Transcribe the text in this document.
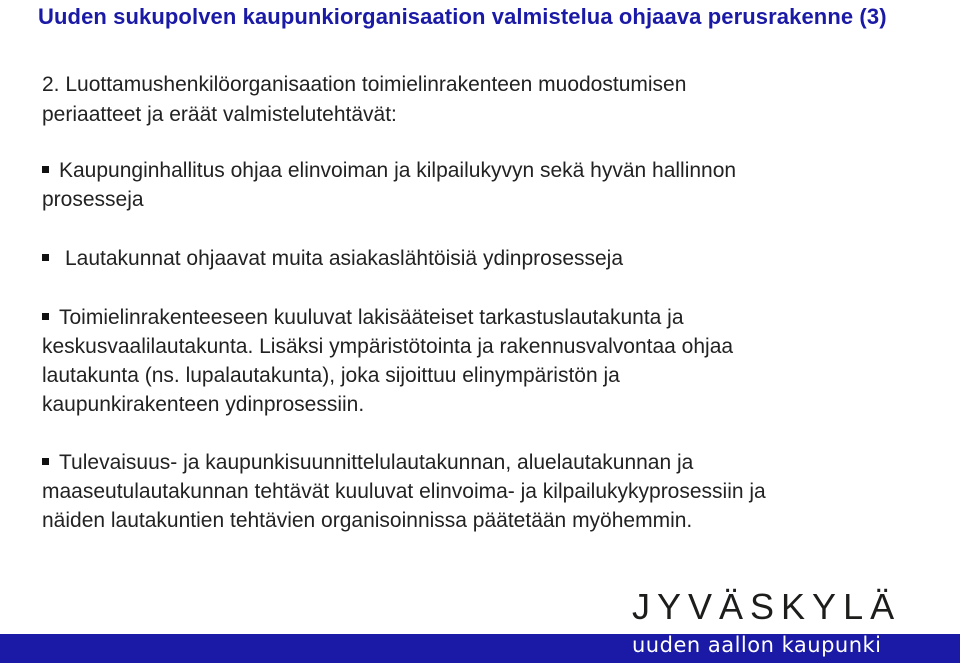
Uuden sukupolven kaupunkiorganisaation valmistelua ohjaava perusrakenne (3)
2. Luottamushenkilöorganisaation toimielinrakenteen muodostumisen
periaatteet ja eräät valmistelutehtävät:
Kaupunginhallitus ohjaa elinvoiman ja kilpailukyvyn sekä hyvän hallinnon
prosesseja
Lautakunnat ohjaavat muita asiakaslähtöisiä ydinprosesseja
Toimielinrakenteeseen kuuluvat lakisääteiset tarkastuslautakunta ja
keskusvaalilautakunta. Lisäksi ympäristötointa ja rakennusvalvontaa ohjaa
lautakunta (ns. lupalautakunta), joka sijoittuu elinympäristön ja
kaupunkirakenteen ydinprosessiin.
Tulevaisuus- ja kaupunkisuunnittelulautakunnan, aluelautakunnan ja
maaseutulautakunnan tehtävät kuuluvat elinvoima- ja kilpailukykyprosessiin ja
näiden lautakuntien tehtävien organisoinnissa päätetään myöhemmin.
JYVÄSKYLÄ
uuden aallon kaupunki
